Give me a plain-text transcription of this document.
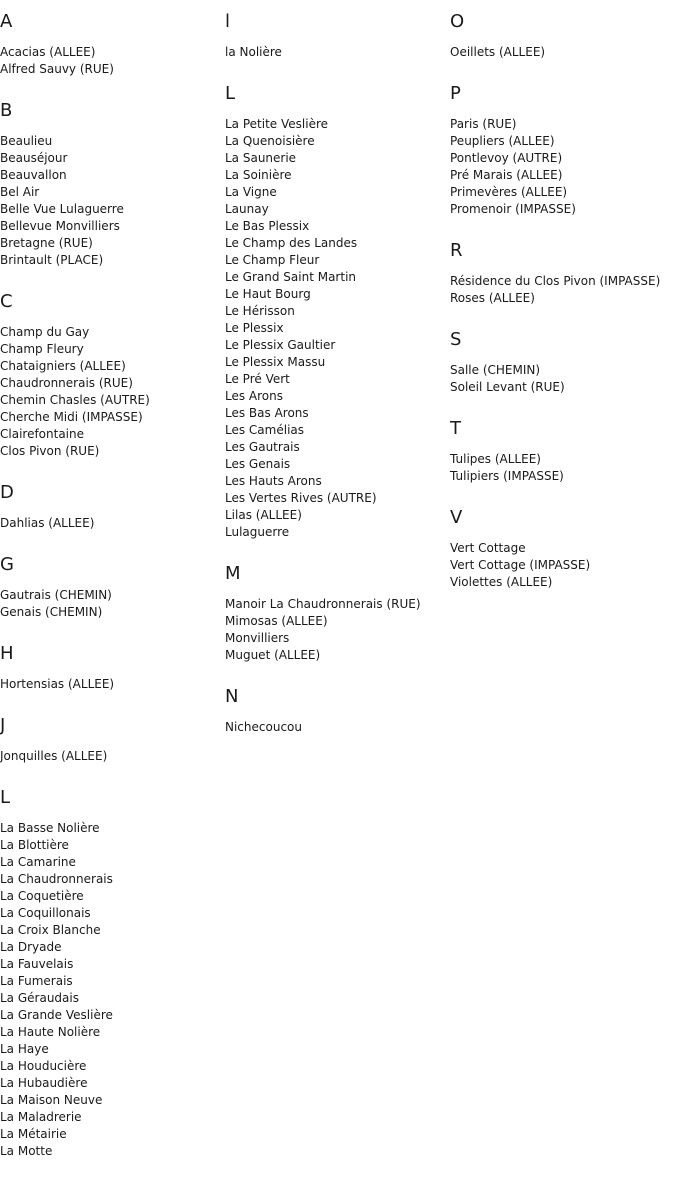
A
Acacias (ALLEE)
Alfred Sauvy (RUE)
B
Beaulieu
Beauséjour
Beauvallon
Bel Air
Belle Vue Lulaguerre
Bellevue Monvilliers
Bretagne (RUE)
Brintault (PLACE)
C
Champ du Gay
Champ Fleury
Chataigniers (ALLEE)
Chaudronnerais (RUE)
Chemin Chasles (AUTRE)
Cherche Midi (IMPASSE)
Clairefontaine
Clos Pivon (RUE)
D
Dahlias (ALLEE)
G
Gautrais (CHEMIN)
Genais (CHEMIN)
H
Hortensias (ALLEE)
J
Jonquilles (ALLEE)
L
La Basse Nolière
La Blottière
La Camarine
La Chaudronnerais
La Coquetière
La Coquillonais
La Croix Blanche
La Dryade
La Fauvelais
La Fumerais
La Géraudais
La Grande Veslière
La Haute Nolière
La Haye
La Houducière
La Hubaudière
La Maison Neuve
La Maladrerie
La Métairie
La Motte
l
la Nolière
L
La Petite Veslière
La Quenoisière
La Saunerie
La Soinière
La Vigne
Launay
Le Bas Plessix
Le Champ des Landes
Le Champ Fleur
Le Grand Saint Martin
Le Haut Bourg
Le Hérisson
Le Plessix
Le Plessix Gaultier
Le Plessix Massu
Le Pré Vert
Les Arons
Les Bas Arons
Les Camélias
Les Gautrais
Les Genais
Les Hauts Arons
Les Vertes Rives (AUTRE)
Lilas (ALLEE)
Lulaguerre
M
Manoir La Chaudronnerais (RUE)
Mimosas (ALLEE)
Monvilliers
Muguet (ALLEE)
N
Nichecoucou
O
Oeillets (ALLEE)
P
Paris (RUE)
Peupliers (ALLEE)
Pontlevoy (AUTRE)
Pré Marais (ALLEE)
Primevères (ALLEE)
Promenoir (IMPASSE)
R
Résidence du Clos Pivon (IMPASSE)
Roses (ALLEE)
S
Salle (CHEMIN)
Soleil Levant (RUE)
T
Tulipes (ALLEE)
Tulipiers (IMPASSE)
V
Vert Cottage
Vert Cottage (IMPASSE)
Violettes (ALLEE)
